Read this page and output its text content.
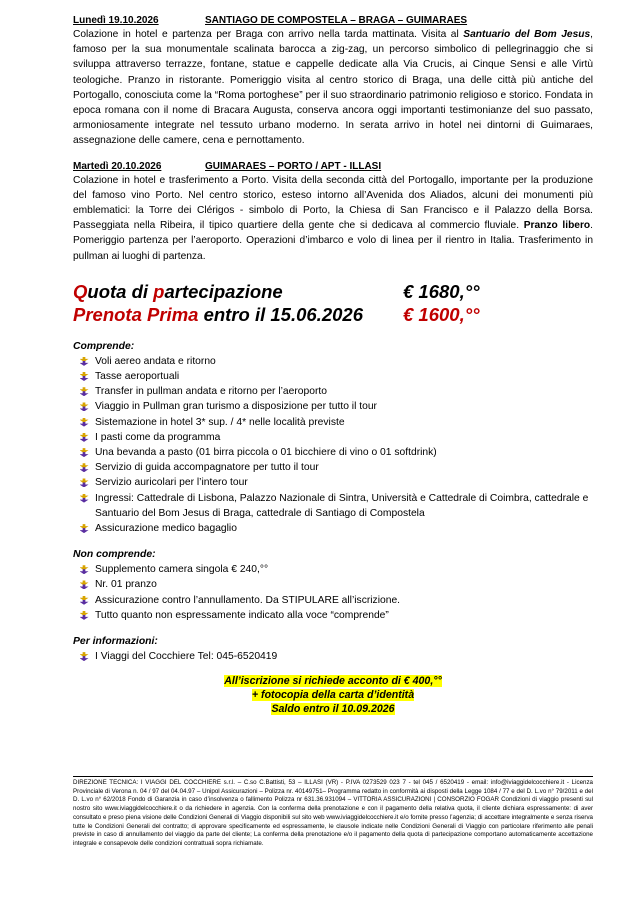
Lunedì 19.10.2026	SANTIAGO DE COMPOSTELA – BRAGA – GUIMARAES

Colazione in hotel e partenza per Braga con arrivo nella tarda mattinata. Visita al Santuario del Bom Jesus, famoso per la sua monumentale scalinata barocca a zig-zag, un percorso simbolico di pellegrinaggio che si sviluppa attraverso terrazze, fontane, statue e cappelle dedicate alla Via Crucis, ai Cinque Sensi e alle Virtù teologiche. Pranzo in ristorante. Pomeriggio visita al centro storico di Braga, una delle città più antiche del Portogallo, conosciuta come la “Roma portoghese” per il suo straordinario patrimonio religioso e storico. Fondata in epoca romana con il nome di Bracara Augusta, conserva ancora oggi importanti testimonianze del suo passato, armoniosamente integrate nel tessuto urbano moderno. In serata arrivo in hotel nei dintorni di Guimaraes, assegnazione delle camere, cena e pernottamento.

Martedì 20.10.2026	GUIMARAES – PORTO / APT - ILLASI

Colazione in hotel e trasferimento a Porto. Visita della seconda città del Portogallo, importante per la produzione del famoso vino Porto. Nel centro storico, esteso intorno all’Avenida dos Aliados, alcuni dei monumenti più emblematici: la Torre dei Clérigos - simbolo di Porto, la Chiesa di San Francisco e il Palazzo della Borsa. Passeggiata nella Ribeira, il tipico quartiere della gente che si dedicava al commercio fluviale. Pranzo libero. Pomeriggio partenza per l’aeroporto. Operazioni d’imbarco e volo di linea per il rientro in Italia. Trasferimento in pullman ai luoghi di partenza.

Quota di partecipazione	€ 1680,°°
Prenota Prima entro il 15.06.2026	€ 1600,°°
Comprende:
Voli aereo andata e ritorno
Tasse aeroportuali
Transfer in pullman andata e ritorno per l’aeroporto
Viaggio in Pullman gran turismo a disposizione per tutto il tour
Sistemazione in hotel 3* sup. / 4* nelle località previste
I pasti come da programma
Una bevanda a pasto (01 birra piccola o 01 bicchiere di vino o 01 softdrink)
Servizio di guida accompagnatore per tutto il tour
Servizio auricolari per l’intero tour
Ingressi: Cattedrale di Lisbona, Palazzo Nazionale di Sintra, Università e Cattedrale di Coimbra, cattedrale e Santuario del Bom Jesus di Braga, cattedrale di Santiago di Compostela
Assicurazione medico bagaglio
Non comprende:
Supplemento camera singola € 240,°°
Nr. 01 pranzo
Assicurazione contro l’annullamento. Da STIPULARE all’iscrizione.
Tutto quanto non espressamente indicato alla voce “comprende”
Per informazioni:
I Viaggi del Cocchiere Tel: 045-6520419
All’iscrizione si richiede acconto di € 400,°°
+ fotocopia della carta d’identità
Saldo entro il 10.09.2026
DIREZIONE TECNICA: I VIAGGI DEL COCCHIERE s.r.l. – C.so C.Battisti, 53 – ILLASI (VR) - P.IVA 0273529 023 7 - tel 045 / 6520419 - email: info@iviaggidelcocchiere.it - Licenza Provinciale di Verona n. 04 / 97 del 04.04.97 – Unipol Assicurazioni – Polizza nr. 40149751– Programma redatto in conformità ai disposti della Legge 1084 / 77 e del D. L.vo n° 79/2011 e del D. L.vo n° 62/2018 Fondo di Garanzia in caso d’insolvenza o fallimento Polizza nr 631.36.931094 – VITTORIA ASSICURAZIONI | CONSORZIO FOGAR Condizioni di viaggio presenti sul nostro sito www.iviaggidelcocchiere.it o da richiedere in agenzia. Con la conferma della prenotazione e con il pagamento della relativa quota, il cliente dichiara espressamente: di aver consultato e preso piena visione delle Condizioni Generali di Viaggio disponibili sul sito web www.iviaggidelcocchiere.it e/o fornite presso l’agenzia; di accettare integralmente e senza riserva tutte le Condizioni Generali del contratto; di approvare specificamente ed espressamente, le clausole indicate nelle Condizioni Generali di Viaggio con particolare riferimento alle penali previste in caso di annullamento del viaggio da parte del cliente; La conferma della prenotazione e/o il pagamento della quota di partecipazione comportano automaticamente accettazione integrale e consapevole delle condizioni contrattuali sopra richiamate.
